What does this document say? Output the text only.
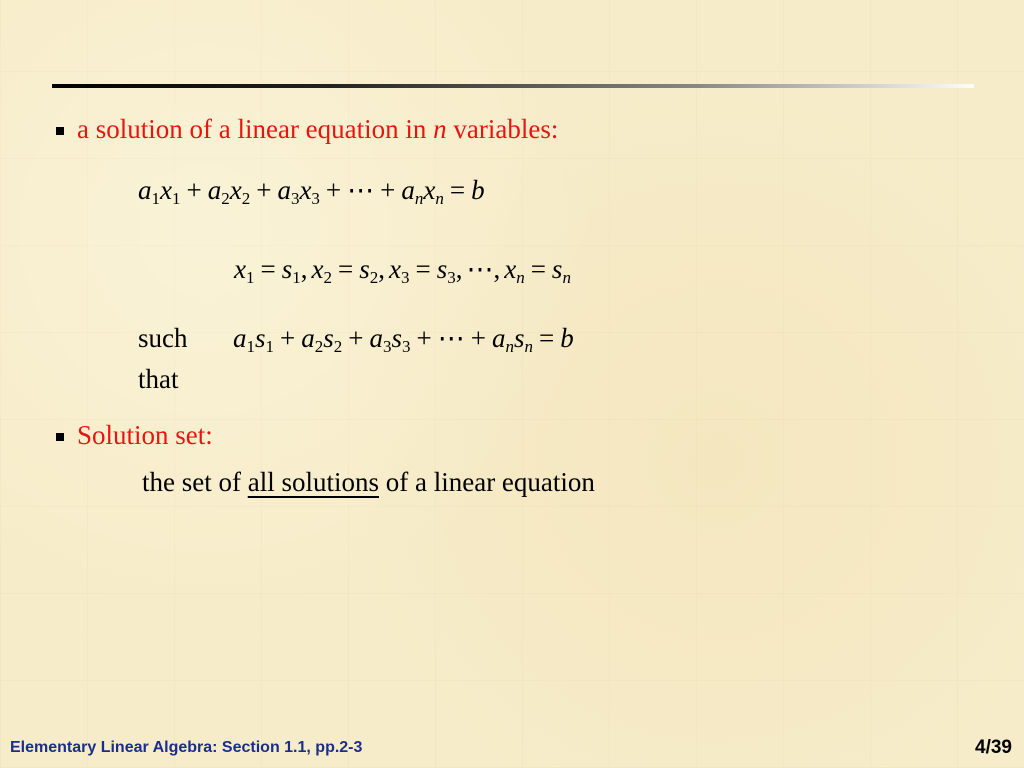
a solution of a linear equation in n variables:
$a_1x_1 + a_2x_2 + a_3x_3$ + ⋯ + $a_nx_n = b$
$x_1 = s_1$, $x_2 = s_2$, $x_3 = s_3$, ⋯, $x_n = s_n$
such
that
$a_1s_1 + a_2s_2 + a_3s_3$ + ⋯ + $a_ns_n = b$
Solution set:
the set of all solutions of a linear equation
Elementary Linear Algebra: Section 1.1, pp.2-3	4/39
